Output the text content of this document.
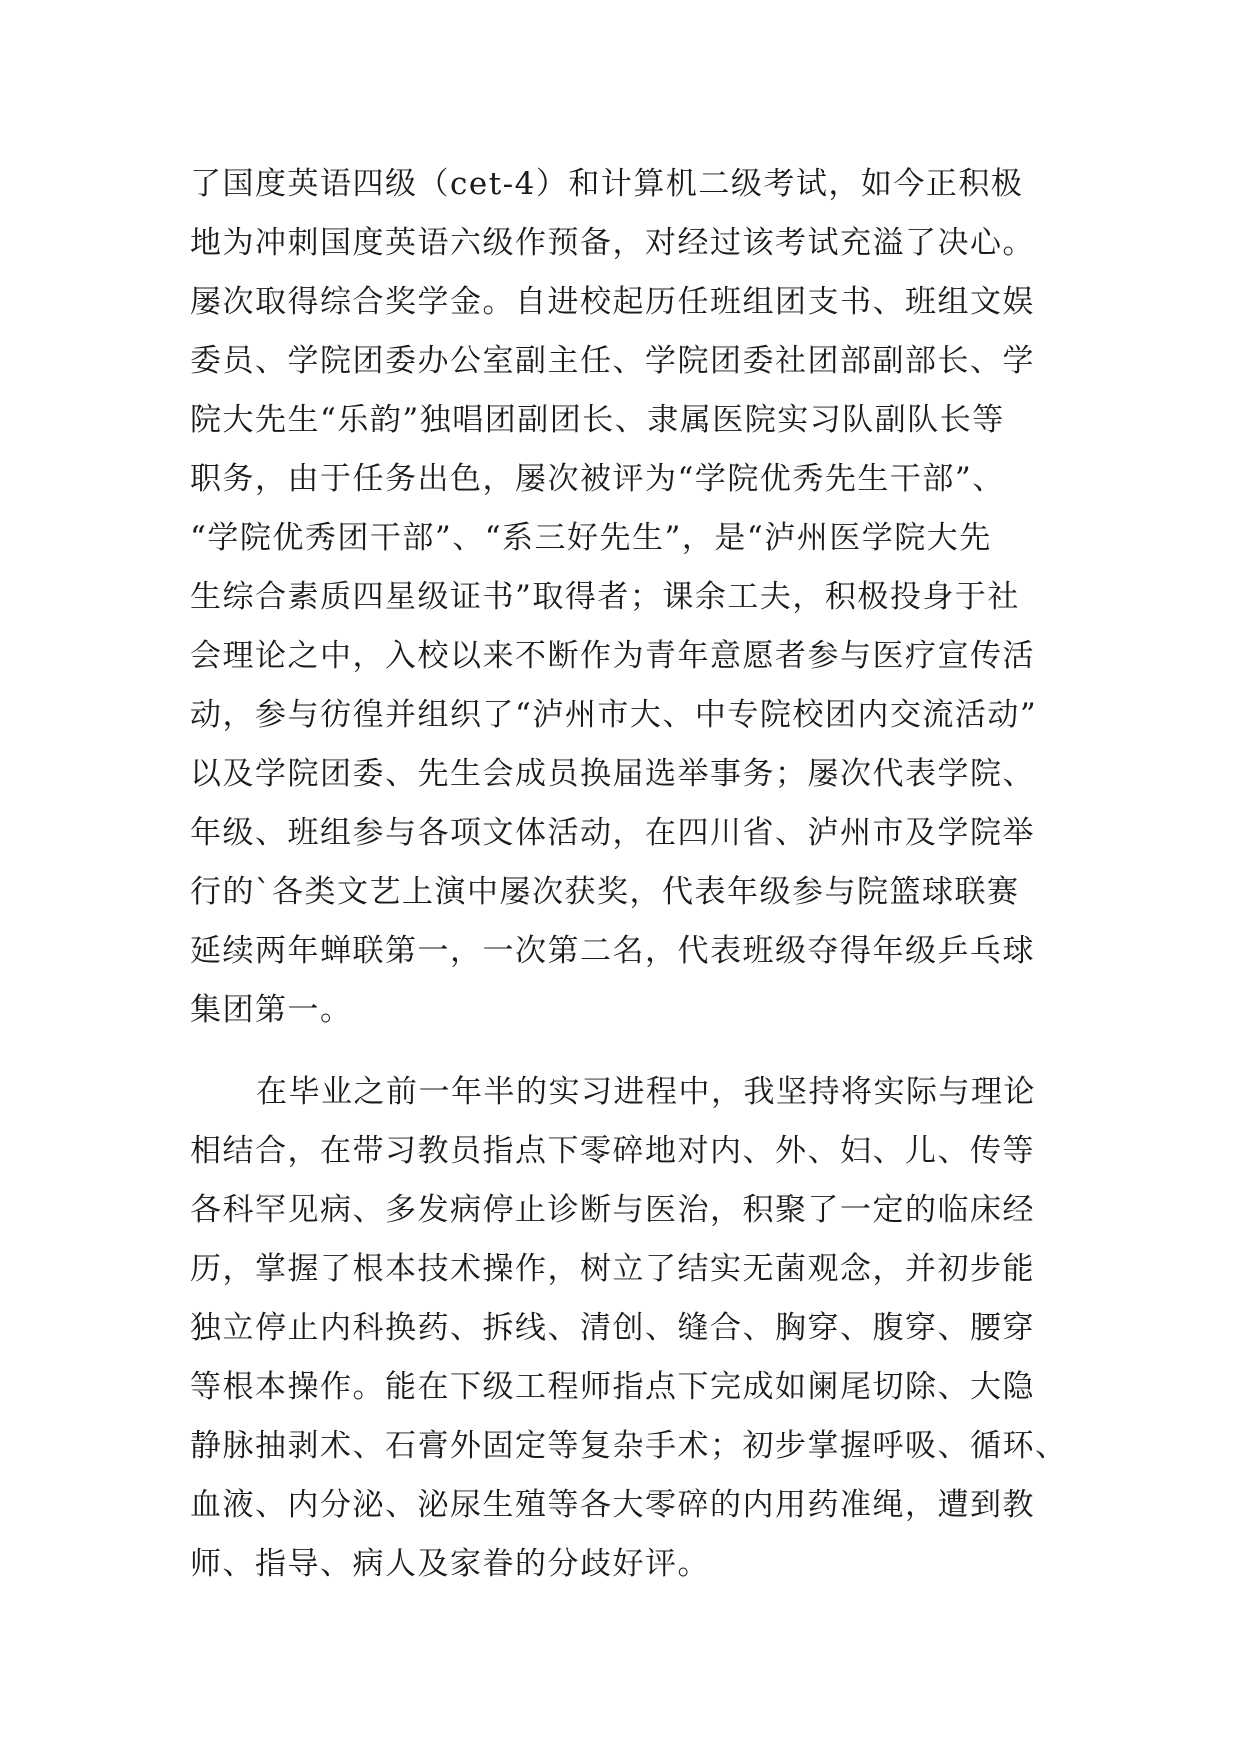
了国度英语四级（cet-4）和计算机二级考试，如今正积极
地为冲刺国度英语六级作预备，对经过该考试充溢了决心。
屡次取得综合奖学金。自进校起历任班组团支书、班组文娱
委员、学院团委办公室副主任、学院团委社团部副部长、学
院大先生“乐韵”独唱团副团长、隶属医院实习队副队长等
职务，由于任务出色，屡次被评为“学院优秀先生干部”、
“学院优秀团干部”、“系三好先生”，是“泸州医学院大先
生综合素质四星级证书”取得者；课余工夫，积极投身于社
会理论之中，入校以来不断作为青年意愿者参与医疗宣传活
动，参与彷徨并组织了“泸州市大、中专院校团内交流活动”
以及学院团委、先生会成员换届选举事务；屡次代表学院、
年级、班组参与各项文体活动，在四川省、泸州市及学院举
行的`各类文艺上演中屡次获奖，代表年级参与院篮球联赛
延续两年蝉联第一，一次第二名，代表班级夺得年级乒乓球
集团第一。
在毕业之前一年半的实习进程中，我坚持将实际与理论
相结合，在带习教员指点下零碎地对内、外、妇、儿、传等
各科罕见病、多发病停止诊断与医治，积聚了一定的临床经
历，掌握了根本技术操作，树立了结实无菌观念，并初步能
独立停止内科换药、拆线、清创、缝合、胸穿、腹穿、腰穿
等根本操作。能在下级工程师指点下完成如阑尾切除、大隐
静脉抽剥术、石膏外固定等复杂手术；初步掌握呼吸、循环、
血液、内分泌、泌尿生殖等各大零碎的内用药准绳，遭到教
师、指导、病人及家眷的分歧好评。
